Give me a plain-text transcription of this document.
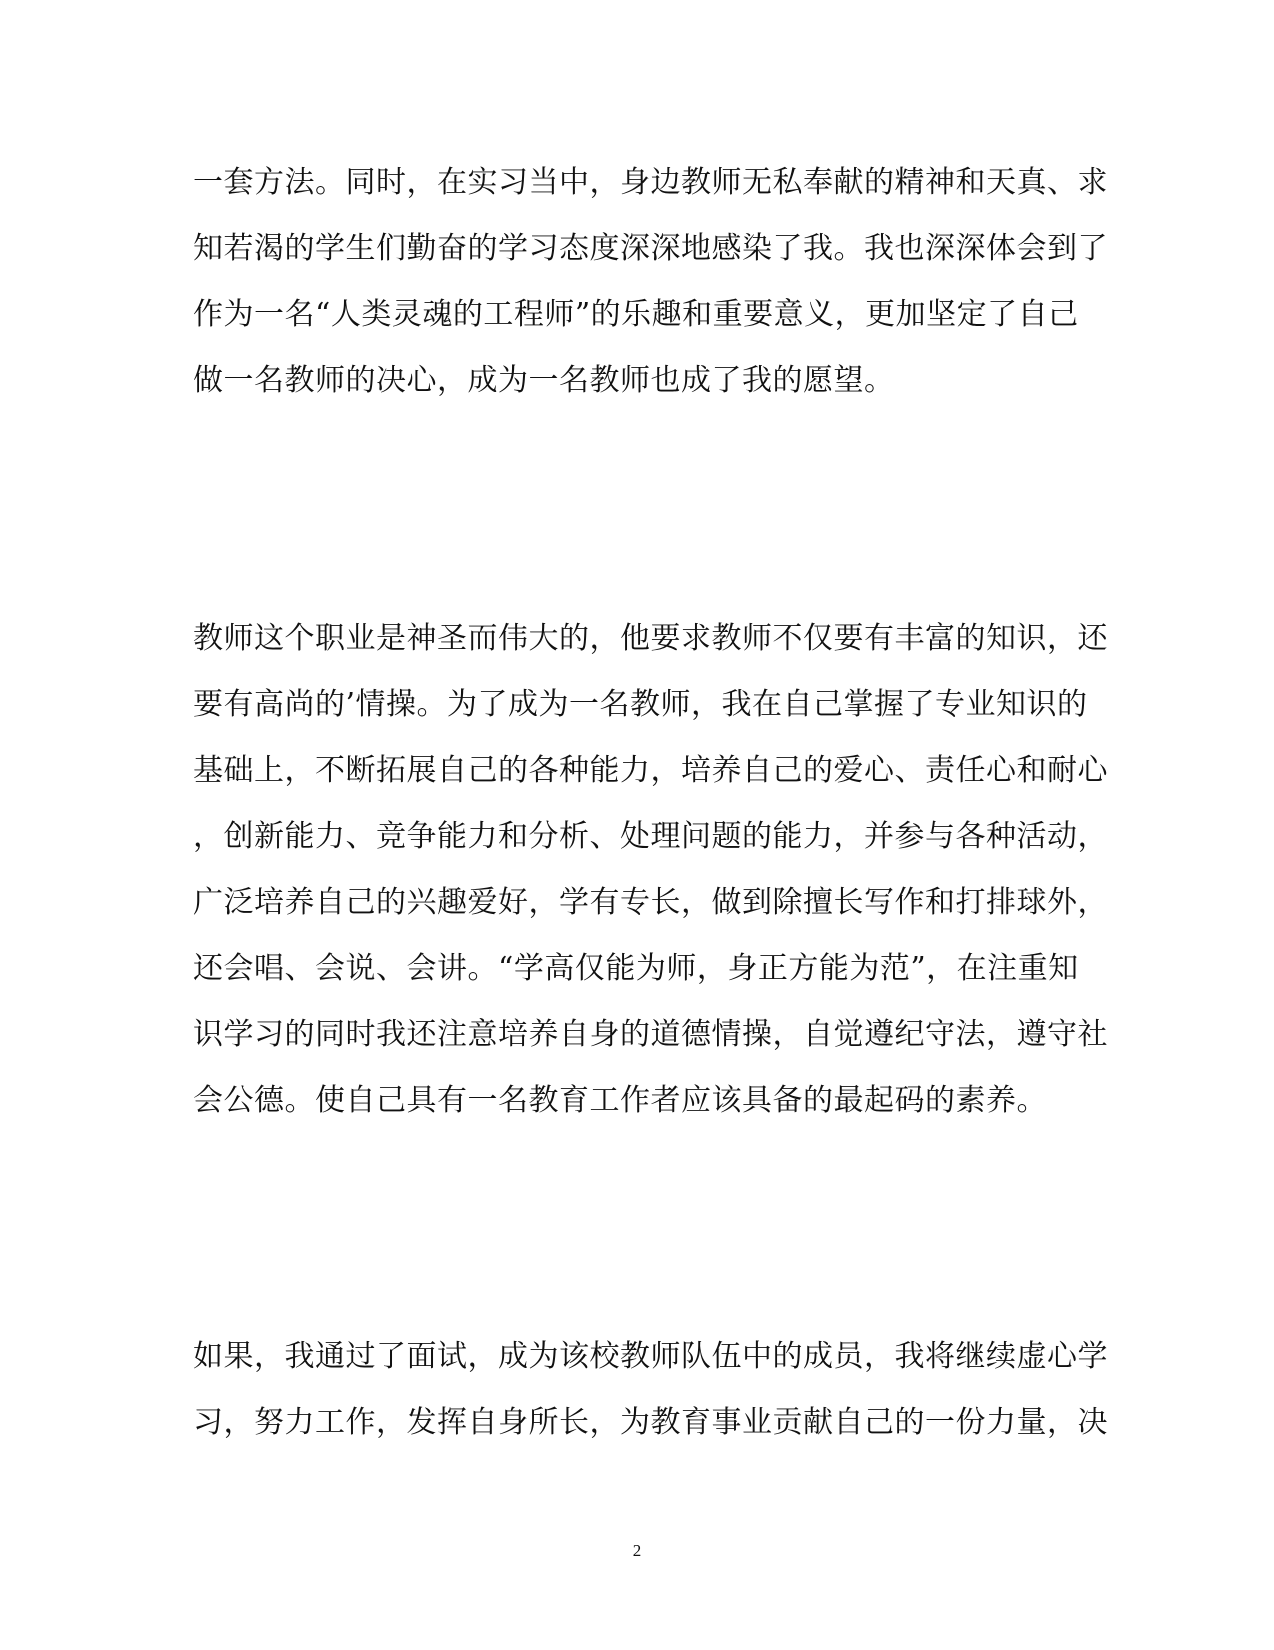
一套方法。同时，在实习当中，身边教师无私奉献的精神和天真、求
知若渴的学生们勤奋的学习态度深深地感染了我。我也深深体会到了
作为一名“人类灵魂的工程师”的乐趣和重要意义，更加坚定了自己
做一名教师的决心，成为一名教师也成了我的愿望。
教师这个职业是神圣而伟大的，他要求教师不仅要有丰富的知识，还
要有高尚的’情操。为了成为一名教师，我在自己掌握了专业知识的
基础上，不断拓展自己的各种能力，培养自己的爱心、责任心和耐心
，创新能力、竞争能力和分析、处理问题的能力，并参与各种活动，
广泛培养自己的兴趣爱好，学有专长，做到除擅长写作和打排球外，
还会唱、会说、会讲。“学高仅能为师，身正方能为范”，在注重知
识学习的同时我还注意培养自身的道德情操，自觉遵纪守法，遵守社
会公德。使自己具有一名教育工作者应该具备的最起码的素养。
如果，我通过了面试，成为该校教师队伍中的成员，我将继续虚心学
习，努力工作，发挥自身所长，为教育事业贡献自己的一份力量，决
2
